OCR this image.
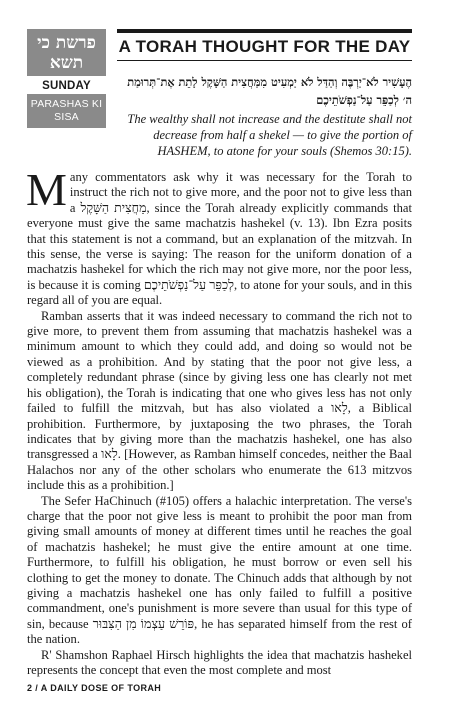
פרשת כי תשא
SUNDAY
PARASHAS KI SISA
A TORAH THOUGHT FOR THE DAY
הֶעָשִׁיר לֹא־יַרְבֶּה וְהַדַּל לֹא יַמְעִיט מִמַּחֲצִית הַשָּׁקֶל לָתֵת אֶת־תְּרוּמַת ה׳ לְכַפֵּר עַל־נַפְשֹׁתֵיכֶם
The wealthy shall not increase and the destitute shall not decrease from half a shekel — to give the portion of HASHEM, to atone for your souls (Shemos 30:15).

Many commentators ask why it was necessary for the Torah to instruct the rich not to give more, and the poor not to give less than a מַחֲצִית הַשָּׁקֶל, since the Torah already explicitly commands that everyone must give the same machatzis hashekel (v. 13). Ibn Ezra posits that this statement is not a command, but an explanation of the mitzvah. In this sense, the verse is saying: The reason for the uniform donation of a machatzis hashekel for which the rich may not give more, nor the poor less, is because it is coming לְכַפֵּר עַל־נַפְשֹׁתֵיכֶם, to atone for your souls, and in this regard all of you are equal.

Ramban asserts that it was indeed necessary to command the rich not to give more, to prevent them from assuming that machatzis hashekel was a minimum amount to which they could add, and doing so would not be viewed as a prohibition. And by stating that the poor not give less, a completely redundant phrase (since by giving less one has clearly not met his obligation), the Torah is indicating that one who gives less has not only failed to fulfill the mitzvah, but has also violated a לָאו, a Biblical prohibition. Furthermore, by juxtaposing the two phrases, the Torah indicates that by giving more than the machatzis hashekel, one has also transgressed a לָאו. [However, as Ramban himself concedes, neither the Baal Halachos nor any of the other scholars who enumerate the 613 mitzvos include this as a prohibition.]

The Sefer HaChinuch (#105) offers a halachic interpretation. The verse's charge that the poor not give less is meant to prohibit the poor man from giving small amounts of money at different times until he reaches the goal of machatzis hashekel; he must give the entire amount at one time. Furthermore, to fulfill his obligation, he must borrow or even sell his clothing to get the money to donate. The Chinuch adds that although by not giving a machatzis hashekel one has only failed to fulfill a positive commandment, one's punishment is more severe than usual for this type of sin, because פּוֹרֵשׁ עַצְמוֹ מִן הַצִּבּוּר, he has separated himself from the rest of the nation.

R' Shamshon Raphael Hirsch highlights the idea that machatzis hashekel represents the concept that even the most complete and most

2 / A DAILY DOSE OF TORAH
